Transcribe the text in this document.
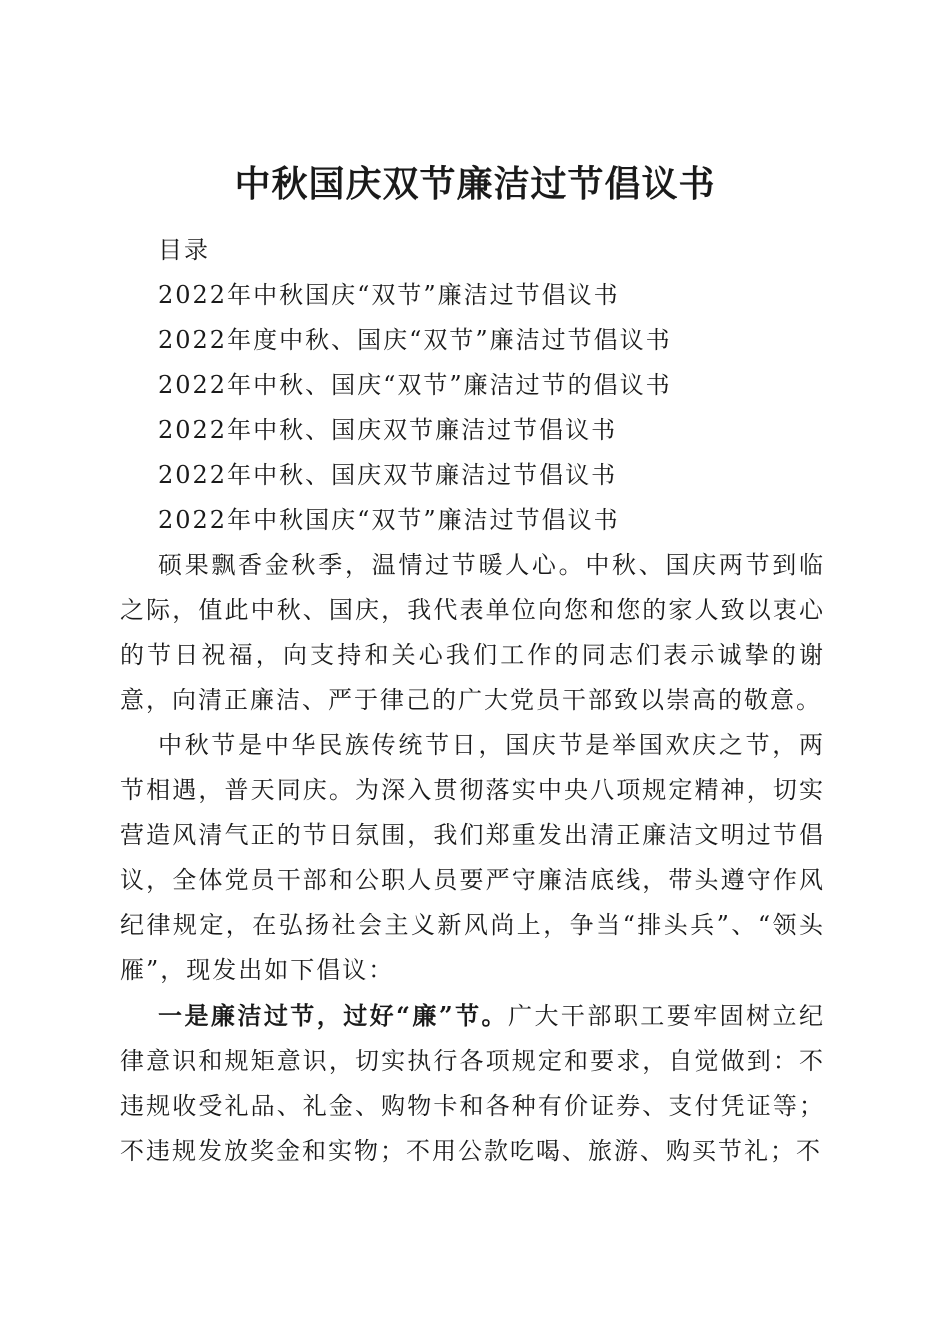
中秋国庆双节廉洁过节倡议书

目录

2022年中秋国庆“双节”廉洁过节倡议书

2022年度中秋、国庆“双节”廉洁过节倡议书

2022年中秋、国庆“双节”廉洁过节的倡议书

2022年中秋、国庆双节廉洁过节倡议书

2022年中秋、国庆双节廉洁过节倡议书

2022年中秋国庆“双节”廉洁过节倡议书

硕果飘香金秋季，温情过节暖人心。中秋、国庆两节到临之际，值此中秋、国庆，我代表单位向您和您的家人致以衷心的节日祝福，向支持和关心我们工作的同志们表示诚挚的谢意，向清正廉洁、严于律己的广大党员干部致以崇高的敬意。

中秋节是中华民族传统节日，国庆节是举国欢庆之节，两节相遇，普天同庆。为深入贯彻落实中央八项规定精神，切实营造风清气正的节日氛围，我们郑重发出清正廉洁文明过节倡议，全体党员干部和公职人员要严守廉洁底线，带头遵守作风纪律规定，在弘扬社会主义新风尚上，争当“排头兵”、“领头雁”，现发出如下倡议：

一是廉洁过节，过好“廉”节。广大干部职工要牢固树立纪律意识和规矩意识，切实执行各项规定和要求，自觉做到：不违规收受礼品、礼金、购物卡和各种有价证券、支付凭证等；不违规发放奖金和实物；不用公款吃喝、旅游、购买节礼；不
